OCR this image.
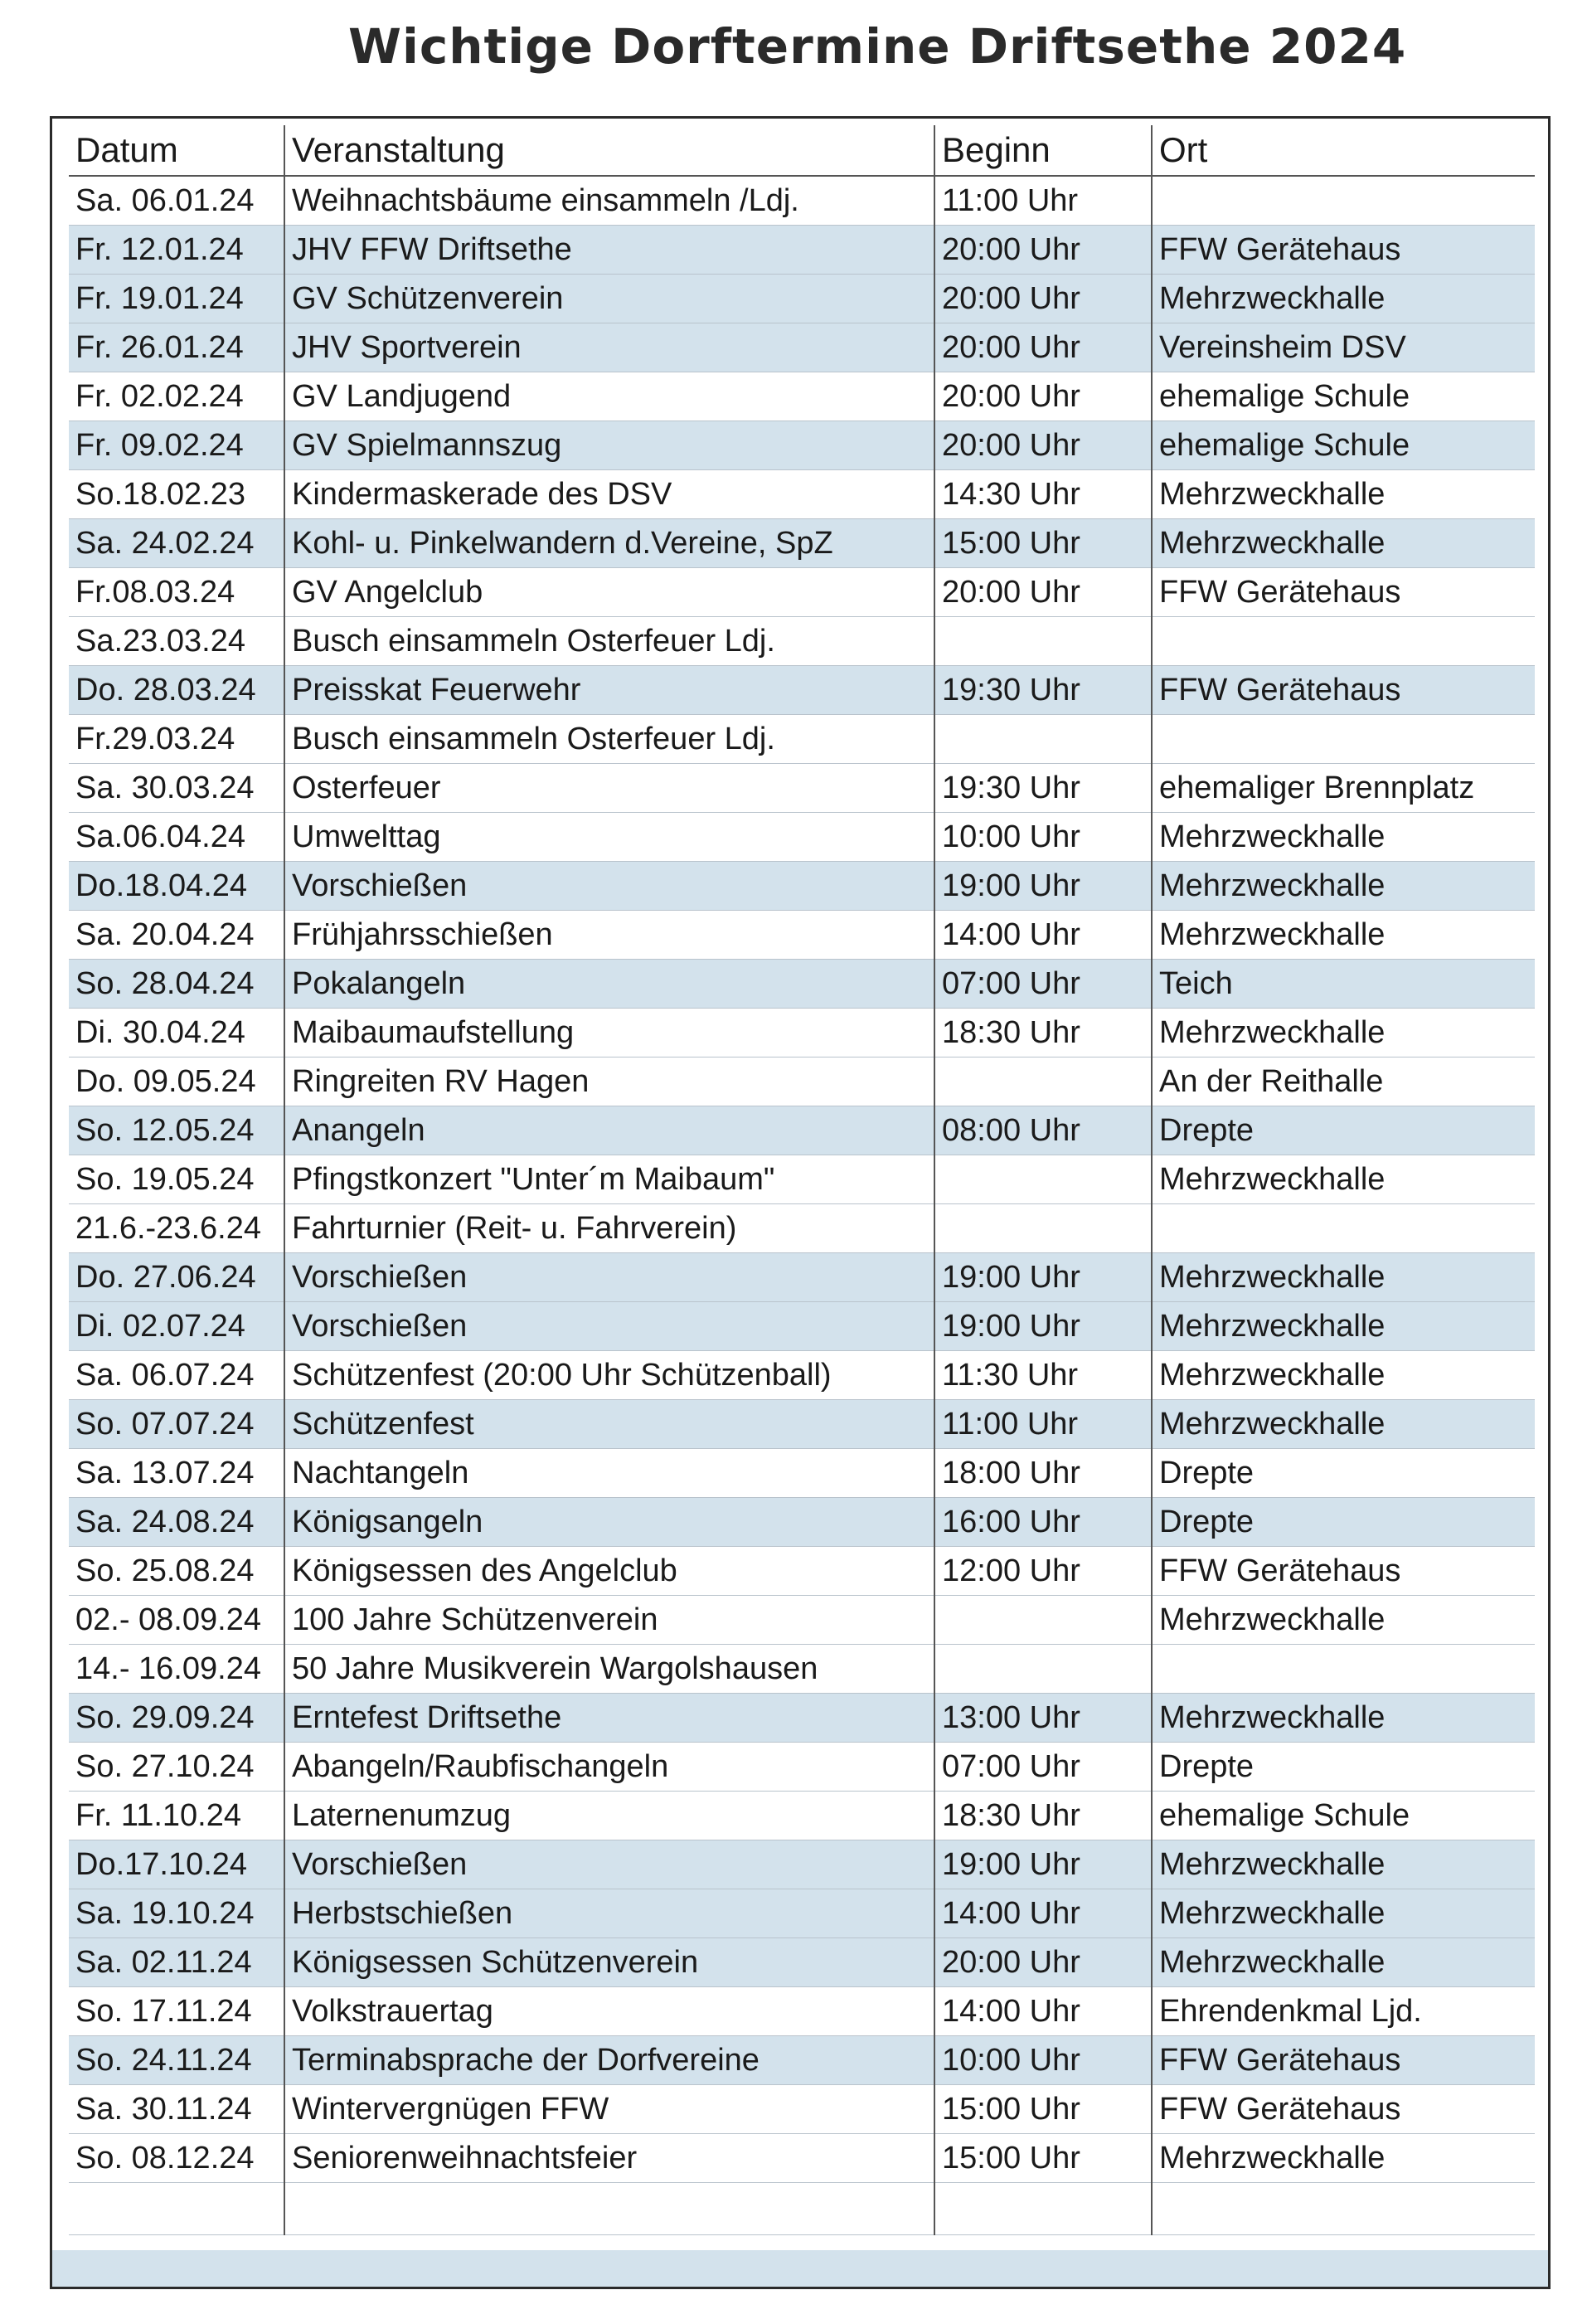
Wichtige Dorftermine Driftsethe 2024
Datum	Veranstaltung	Beginn	Ort
Sa. 06.01.24	Weihnachtsbäume einsammeln /Ldj.	11:00 Uhr	
Fr. 12.01.24	JHV FFW Driftsethe	20:00 Uhr	FFW Gerätehaus
Fr. 19.01.24	GV Schützenverein	20:00 Uhr	Mehrzweckhalle
Fr. 26.01.24	JHV Sportverein	20:00 Uhr	Vereinsheim DSV
Fr. 02.02.24	GV Landjugend	20:00 Uhr	ehemalige Schule
Fr. 09.02.24	GV Spielmannszug	20:00 Uhr	ehemalige Schule
So.18.02.23	Kindermaskerade des DSV	14:30 Uhr	Mehrzweckhalle
Sa. 24.02.24	Kohl- u. Pinkelwandern d.Vereine, SpZ	15:00 Uhr	Mehrzweckhalle
Fr.08.03.24	GV Angelclub	20:00 Uhr	FFW Gerätehaus
Sa.23.03.24	Busch einsammeln Osterfeuer Ldj.		
Do. 28.03.24	Preisskat Feuerwehr	19:30 Uhr	FFW Gerätehaus
Fr.29.03.24	Busch einsammeln Osterfeuer Ldj.		
Sa. 30.03.24	Osterfeuer	19:30 Uhr	ehemaliger Brennplatz
Sa.06.04.24	Umwelttag	10:00 Uhr	Mehrzweckhalle
Do.18.04.24	Vorschießen	19:00 Uhr	Mehrzweckhalle
Sa. 20.04.24	Frühjahrsschießen	14:00 Uhr	Mehrzweckhalle
So. 28.04.24	Pokalangeln	07:00 Uhr	Teich
Di. 30.04.24	Maibaumaufstellung	18:30 Uhr	Mehrzweckhalle
Do. 09.05.24	Ringreiten RV Hagen		An der Reithalle
So. 12.05.24	Anangeln	08:00 Uhr	Drepte
So. 19.05.24	Pfingstkonzert "Unter´m Maibaum"		Mehrzweckhalle
21.6.-23.6.24	Fahrturnier (Reit- u. Fahrverein)		
Do. 27.06.24	Vorschießen	19:00 Uhr	Mehrzweckhalle
Di. 02.07.24	Vorschießen	19:00 Uhr	Mehrzweckhalle
Sa. 06.07.24	Schützenfest (20:00 Uhr Schützenball)	11:30 Uhr	Mehrzweckhalle
So. 07.07.24	Schützenfest	11:00 Uhr	Mehrzweckhalle
Sa. 13.07.24	Nachtangeln	18:00 Uhr	Drepte
Sa. 24.08.24	Königsangeln	16:00 Uhr	Drepte
So. 25.08.24	Königsessen des Angelclub	12:00 Uhr	FFW Gerätehaus
02.- 08.09.24	100 Jahre Schützenverein		Mehrzweckhalle
14.- 16.09.24	50 Jahre Musikverein Wargolshausen		
So. 29.09.24	Erntefest Driftsethe	13:00 Uhr	Mehrzweckhalle
So. 27.10.24	Abangeln/Raubfischangeln	07:00 Uhr	Drepte
Fr. 11.10.24	Laternenumzug	18:30 Uhr	ehemalige Schule
Do.17.10.24	Vorschießen	19:00 Uhr	Mehrzweckhalle
Sa. 19.10.24	Herbstschießen	14:00 Uhr	Mehrzweckhalle
Sa. 02.11.24	Königsessen Schützenverein	20:00 Uhr	Mehrzweckhalle
So. 17.11.24	Volkstrauertag	14:00 Uhr	Ehrendenkmal Ljd.
So. 24.11.24	Terminabsprache der Dorfvereine	10:00 Uhr	FFW Gerätehaus
Sa. 30.11.24	Wintervergnügen FFW	15:00 Uhr	FFW Gerätehaus
So. 08.12.24	Seniorenweihnachtsfeier	15:00 Uhr	Mehrzweckhalle
